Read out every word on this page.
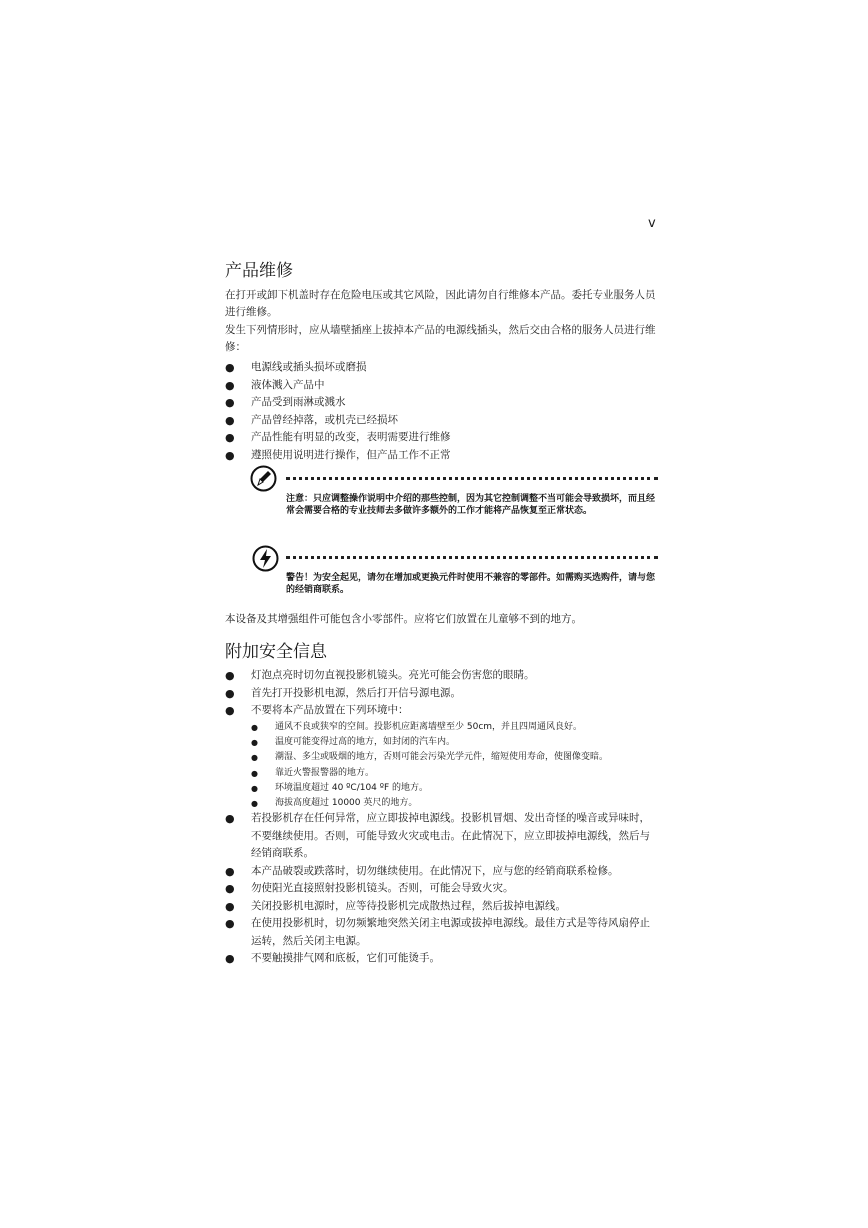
v
产品维修
在打开或卸下机盖时存在危险电压或其它风险，因此请勿自行维修本产品。委托专业服务人员进行维修。
发生下列情形时，应从墙壁插座上拔掉本产品的电源线插头，然后交由合格的服务人员进行维修：
● 电源线或插头损坏或磨损
● 液体溅入产品中
● 产品受到雨淋或溅水
● 产品曾经掉落，或机壳已经损坏
● 产品性能有明显的改变，表明需要进行维修
● 遵照使用说明进行操作，但产品工作不正常
注意：只应调整操作说明中介绍的那些控制，因为其它控制调整不当可能会导致损坏，而且经常会需要合格的专业技师去多做许多额外的工作才能将产品恢复至正常状态。
警告！为安全起见，请勿在增加或更换元件时使用不兼容的零部件。如需购买选购件，请与您的经销商联系。
本设备及其增强组件可能包含小零部件。应将它们放置在儿童够不到的地方。
附加安全信息
● 灯泡点亮时切勿直视投影机镜头。亮光可能会伤害您的眼睛。
● 首先打开投影机电源，然后打开信号源电源。
● 不要将本产品放置在下列环境中：
● 通风不良或狭窄的空间。投影机应距离墙壁至少 50cm，并且四周通风良好。
● 温度可能变得过高的地方，如封闭的汽车内。
● 潮湿、多尘或吸烟的地方，否则可能会污染光学元件，缩短使用寿命，使图像变暗。
● 靠近火警报警器的地方。
● 环境温度超过 40 ºC/104 ºF 的地方。
● 海拔高度超过 10000 英尺的地方。
● 若投影机存在任何异常，应立即拔掉电源线。投影机冒烟、发出奇怪的噪音或异味时，不要继续使用。否则，可能导致火灾或电击。在此情况下，应立即拔掉电源线，然后与经销商联系。
● 本产品破裂或跌落时，切勿继续使用。在此情况下，应与您的经销商联系检修。
● 勿使阳光直接照射投影机镜头。否则，可能会导致火灾。
● 关闭投影机电源时，应等待投影机完成散热过程，然后拔掉电源线。
● 在使用投影机时，切勿频繁地突然关闭主电源或拔掉电源线。最佳方式是等待风扇停止运转，然后关闭主电源。
● 不要触摸排气网和底板，它们可能烫手。
